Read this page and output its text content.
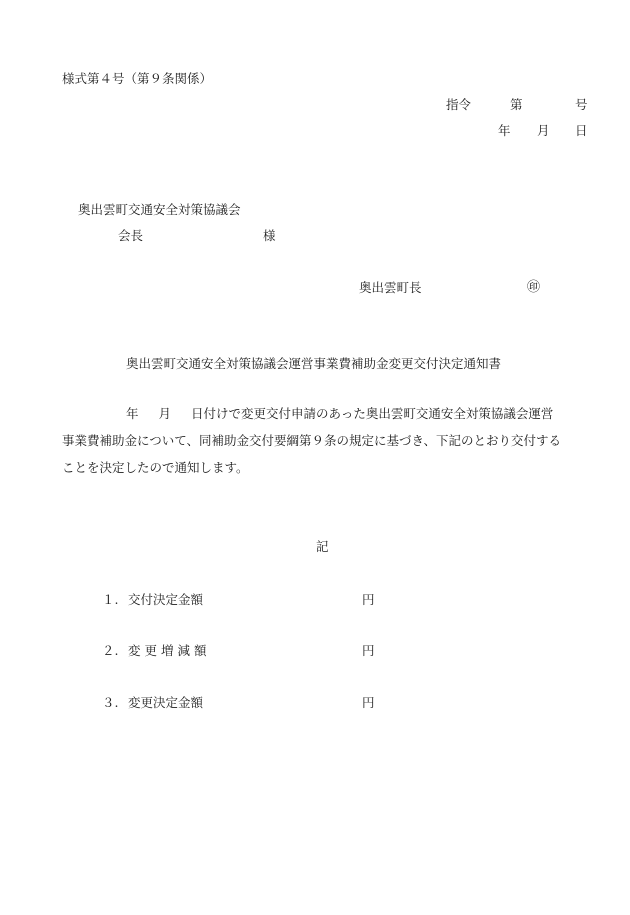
様式第４号（第９条関係）
指令	第	号
年 月 日
奥出雲町交通安全対策協議会
会長	様
奥出雲町長	㊞
奥出雲町交通安全対策協議会運営事業費補助金変更交付決定通知書
年 月 日付けで変更交付申請のあった奥出雲町交通安全対策協議会運営
事業費補助金について、同補助金交付要綱第９条の規定に基づき、下記のとおり交付する
ことを決定したので通知します。
記
１. 交付決定金額	円
２. 変更増減額	円
３. 変更決定金額	円
